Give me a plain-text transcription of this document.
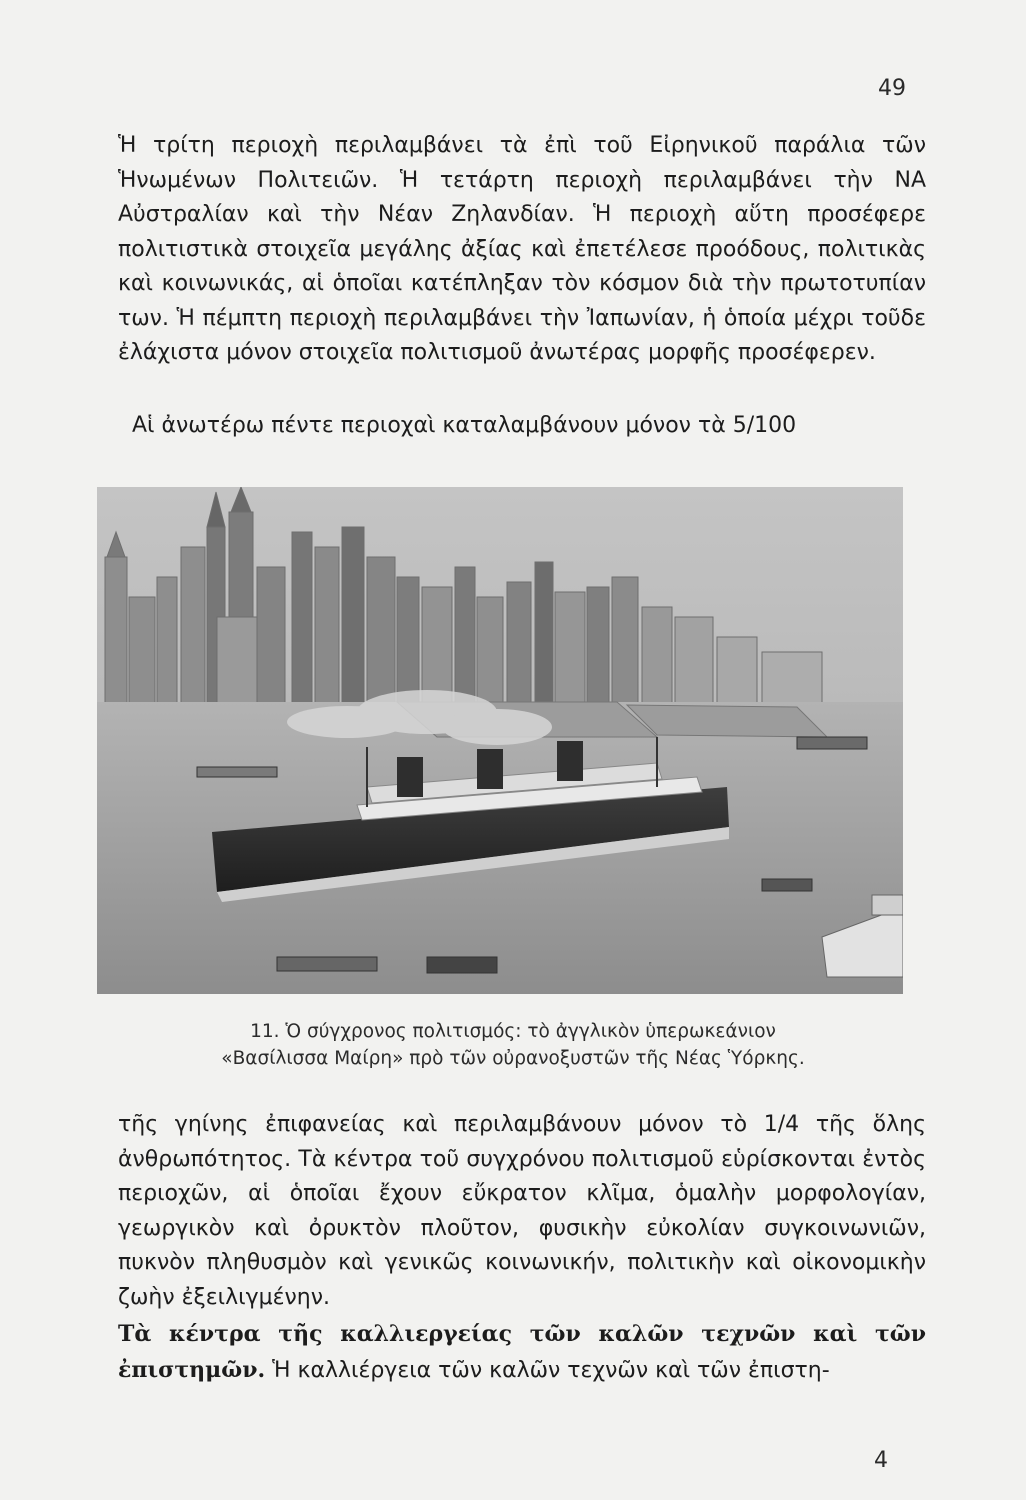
49

Ἡ τρίτη περιοχὴ περιλαμβάνει τὰ ἐπὶ τοῦ Εἰρηνικοῦ παράλια τῶν Ἡνωμένων Πολιτειῶν. Ἡ τετάρτη περιοχὴ περιλαμβάνει τὴν ΝΑ Αὐστραλίαν καὶ τὴν Νέαν Ζηλανδίαν. Ἡ περιοχὴ αὕτη προσέφερε πολιτιστικὰ στοιχεῖα μεγάλης ἀξίας καὶ ἐπετέλεσε προόδους, πολιτικὰς καὶ κοινωνικάς, αἱ ὁποῖαι κατέπληξαν τὸν κόσμον διὰ τὴν πρωτοτυπίαν των. Ἡ πέμπτη περιοχὴ περιλαμβάνει τὴν Ἰαπωνίαν, ἡ ὁποία μέχρι τοῦδε ἐλάχιστα μόνον στοιχεῖα πολιτισμοῦ ἀνωτέρας μορφῆς προσέφερεν.

Αἱ ἀνωτέρω πέντε περιοχαὶ καταλαμβάνουν μόνον τὰ 5/100

11. Ὁ σύγχρονος πολιτισμός: τὸ ἀγγλικὸν ὑπερωκεάνιον
«Βασίλισσα Μαίρη» πρὸ τῶν οὐρανοξυστῶν τῆς Νέας Ὑόρκης.

τῆς γηίνης ἐπιφανείας καὶ περιλαμβάνουν μόνον τὸ 1/4 τῆς ὅλης ἀνθρωπότητος. Τὰ κέντρα τοῦ συγχρόνου πολιτισμοῦ εὑρίσκονται ἐντὸς περιοχῶν, αἱ ὁποῖαι ἔχουν εὔκρατον κλῖμα, ὁμαλὴν μορφολογίαν, γεωργικὸν καὶ ὀρυκτὸν πλοῦτον, φυσικὴν εὐκολίαν συγκοινωνιῶν, πυκνὸν πληθυσμὸν καὶ γενικῶς κοινωνικήν, πολιτικὴν καὶ οἰκονομικὴν ζωὴν ἐξειλιγμένην.

Τὰ κέντρα τῆς καλλιεργείας τῶν καλῶν τεχνῶν καὶ τῶν ἐπιστημῶν. Ἡ καλλιέργεια τῶν καλῶν τεχνῶν καὶ τῶν ἐπιστη-

4
